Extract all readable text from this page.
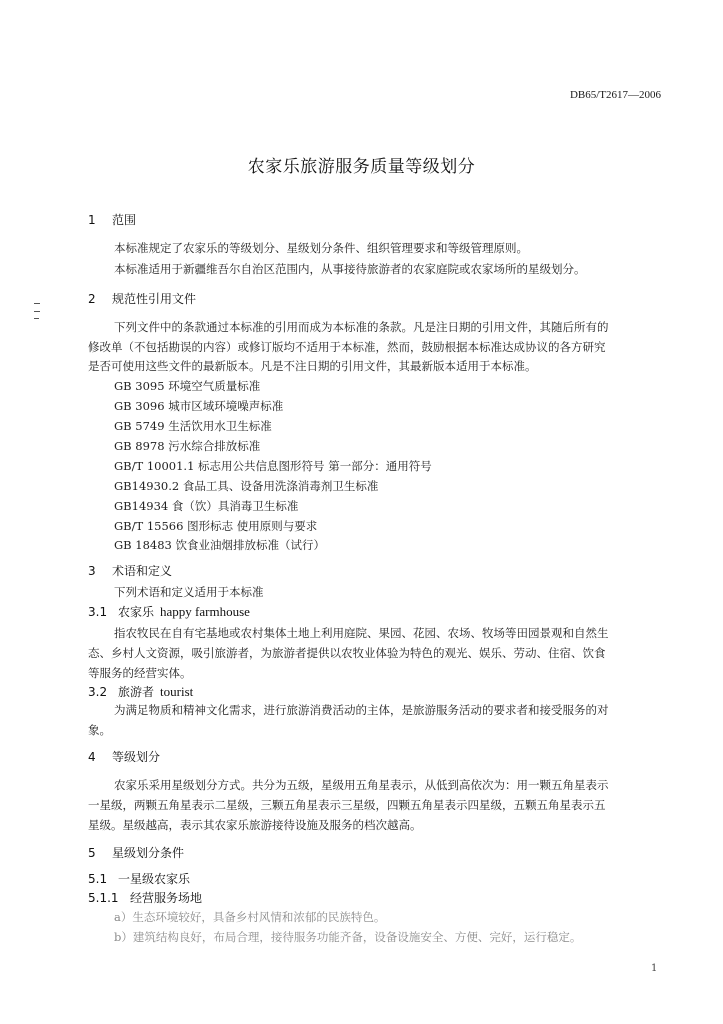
DB65/T2617—2006
农家乐旅游服务质量等级划分
1 范围
本标准规定了农家乐的等级划分、星级划分条件、组织管理要求和等级管理原则。
本标准适用于新疆维吾尔自治区范围内，从事接待旅游者的农家庭院或农家场所的星级划分。
2 规范性引用文件
下列文件中的条款通过本标准的引用而成为本标准的条款。凡是注日期的引用文件，其随后所有的
修改单（不包括勘误的内容）或修订版均不适用于本标准，然而，鼓励根据本标准达成协议的各方研究
是否可使用这些文件的最新版本。凡是不注日期的引用文件，其最新版本适用于本标准。
GB 3095 环境空气质量标准
GB 3096 城市区域环境噪声标准
GB 5749 生活饮用水卫生标准
GB 8978 污水综合排放标准
GB/T 10001.1 标志用公共信息图形符号 第一部分：通用符号
GB14930.2 食品工具、设备用洗涤消毒剂卫生标准
GB14934 食（饮）具消毒卫生标准
GB/T 15566 图形标志 使用原则与要求
GB 18483 饮食业油烟排放标准（试行）
3 术语和定义
下列术语和定义适用于本标准
3.1 农家乐 happy farmhouse
指农牧民在自有宅基地或农村集体土地上利用庭院、果园、花园、农场、牧场等田园景观和自然生
态、乡村人文资源，吸引旅游者，为旅游者提供以农牧业体验为特色的观光、娱乐、劳动、住宿、饮食
等服务的经营实体。
3.2 旅游者 tourist
为满足物质和精神文化需求，进行旅游消费活动的主体，是旅游服务活动的要求者和接受服务的对
象。
4 等级划分
农家乐采用星级划分方式。共分为五级，星级用五角星表示，从低到高依次为：用一颗五角星表示
一星级，两颗五角星表示二星级，三颗五角星表示三星级，四颗五角星表示四星级，五颗五角星表示五
星级。星级越高，表示其农家乐旅游接待设施及服务的档次越高。
5 星级划分条件
5.1 一星级农家乐
5.1.1 经营服务场地
a）生态环境较好，具备乡村风情和浓郁的民族特色。
b）建筑结构良好，布局合理，接待服务功能齐备，设备设施安全、方便、完好，运行稳定。
1
